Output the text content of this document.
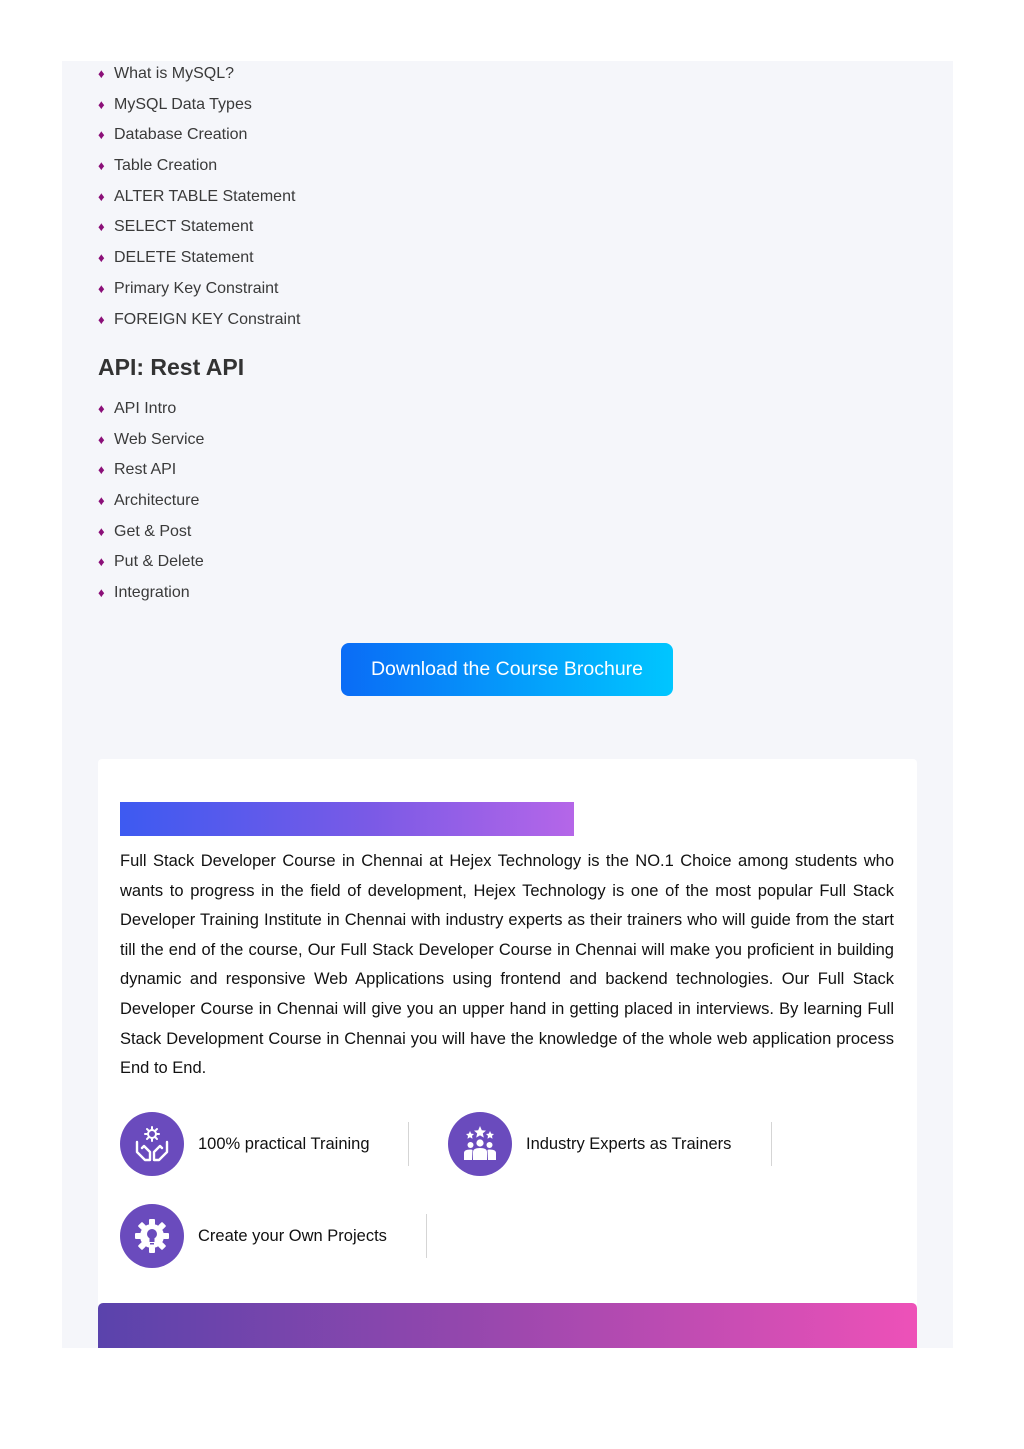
♦ What is MySQL?
♦ MySQL Data Types
♦ Database Creation
♦ Table Creation
♦ ALTER TABLE Statement
♦ SELECT Statement
♦ DELETE Statement
♦ Primary Key Constraint
♦ FOREIGN KEY Constraint
API: Rest API
♦ API Intro
♦ Web Service
♦ Rest API
♦ Architecture
♦ Get & Post
♦ Put & Delete
♦ Integration
Download the Course Brochure

Full Stack Developer Course in Chennai at Hejex Technology is the NO.1 Choice among students who wants to progress in the field of development, Hejex Technology is one of the most popular Full Stack Developer Training Institute in Chennai with industry experts as their trainers who will guide from the start till the end of the course, Our Full Stack Developer Course in Chennai will make you proficient in building dynamic and responsive Web Applications using frontend and backend technologies. Our Full Stack Developer Course in Chennai will give you an upper hand in getting placed in interviews. By learning Full Stack Development Course in Chennai you will have the knowledge of the whole web application process End to End.

100% practical Training	Industry Experts as Trainers
Create your Own Projects
